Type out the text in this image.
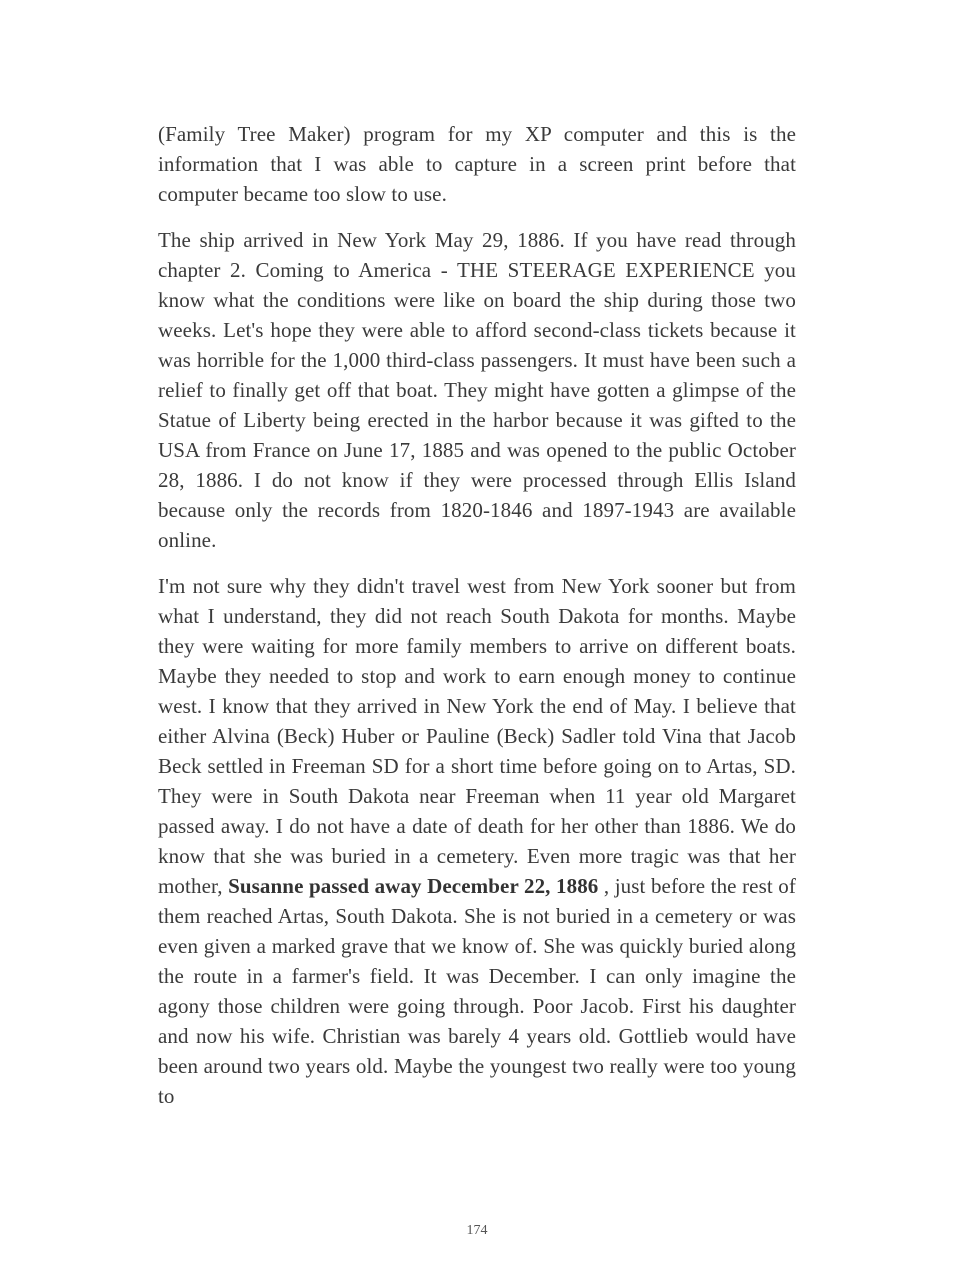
(Family Tree Maker) program for my XP computer and this is the information that I was able to capture in a screen print before that computer became too slow to use.

The ship arrived in New York May 29, 1886. If you have read through chapter 2. Coming to America - THE STEERAGE EXPERIENCE you know what the conditions were like on board the ship during those two weeks. Let's hope they were able to afford second-class tickets because it was horrible for the 1,000 third-class passengers. It must have been such a relief to finally get off that boat. They might have gotten a glimpse of the Statue of Liberty being erected in the harbor because it was gifted to the USA from France on June 17, 1885 and was opened to the public October 28, 1886. I do not know if they were processed through Ellis Island because only the records from 1820-1846 and 1897-1943 are available online.

I'm not sure why they didn't travel west from New York sooner but from what I understand, they did not reach South Dakota for months. Maybe they were waiting for more family members to arrive on different boats. Maybe they needed to stop and work to earn enough money to continue west. I know that they arrived in New York the end of May. I believe that either Alvina (Beck) Huber or Pauline (Beck) Sadler told Vina that Jacob Beck settled in Freeman SD for a short time before going on to Artas, SD. They were in South Dakota near Freeman when 11 year old Margaret passed away. I do not have a date of death for her other than 1886. We do know that she was buried in a cemetery. Even more tragic was that her mother, Susanne passed away December 22, 1886 , just before the rest of them reached Artas, South Dakota. She is not buried in a cemetery or was even given a marked grave that we know of. She was quickly buried along the route in a farmer's field. It was December. I can only imagine the agony those children were going through. Poor Jacob. First his daughter and now his wife. Christian was barely 4 years old. Gottlieb would have been around two years old. Maybe the youngest two really were too young to

174
